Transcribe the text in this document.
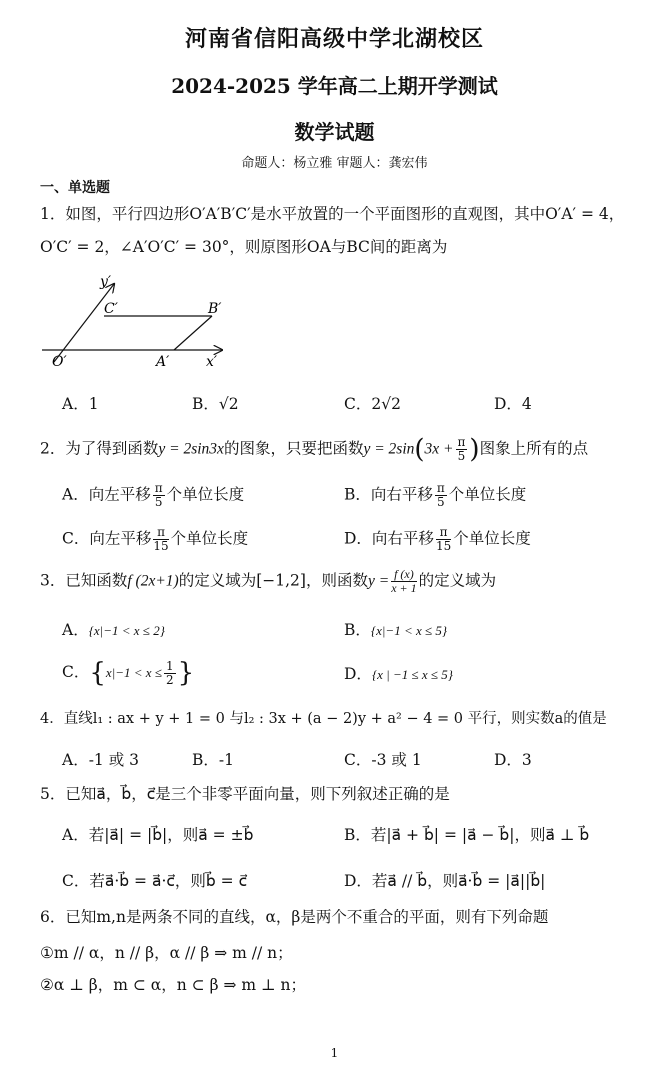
河南省信阳高级中学北湖校区
2024-2025 学年高二上期开学测试
数学试题
命题人：杨立雅 审题人：龚宏伟
一、单选题
1．如图，平行四边形O′A′B′C′是水平放置的一个平面图形的直观图，其中O′A′ = 4，
O′C′ = 2，∠A′O′C′ = 30°，则原图形OA与BC间的距离为
y′
C′	B′
O′	A′	x′
A．1	B．√2	C．2√2	D．4
2．为了得到函数y = 2sin3x的图象，只要把函数$y = 2\sin(3x + \frac{\pi}{5}$ )图象上所有的点
A．向左平移 $\frac{\pi}{5}$ 个单位长度	B．向右平移 $\frac{\pi}{5}$ 个单位长度
C．向左平移 $\frac{\pi}{15}$ 个单位长度	D．向右平移 $\frac{\pi}{15}$ 个单位长度
3．已知函数f (2x+1)的定义域为[−1,2]，则函数$y = \frac{f (x)}{x + 1}$ 的定义域为
A．{x|−1 < x ≤ 2}	B．{x|−1 < x ≤ 5}
C．{$x|-1 < x \le \frac{1}{2}$ }	D．{x | −1 ≤ x ≤ 5}
4．直线l₁ : ax + y + 1 = 0 与l₂ : 3x + (a − 2)y + a² − 4 = 0 平行，则实数a的值是
A．-1 或 3	B．-1	C．-3 或 1	D．3
5．已知a⃗，b⃗，c⃗是三个非零平面向量，则下列叙述正确的是
A．若|a⃗| = |b⃗|，则a⃗ = ±b⃗	B．若|a⃗ + b⃗| = |a⃗ − b⃗|，则a⃗ ⊥ b⃗
C．若a⃗·b⃗ = a⃗·c⃗，则b⃗ = c⃗	D．若a⃗ // b⃗，则a⃗·b⃗ = |a⃗||b⃗|
6．已知m,n是两条不同的直线，α，β是两个不重合的平面，则有下列命题
①m // α，n // β，α // β ⇒ m // n；
②α ⊥ β，m ⊂ α，n ⊂ β ⇒ m ⊥ n；
1
